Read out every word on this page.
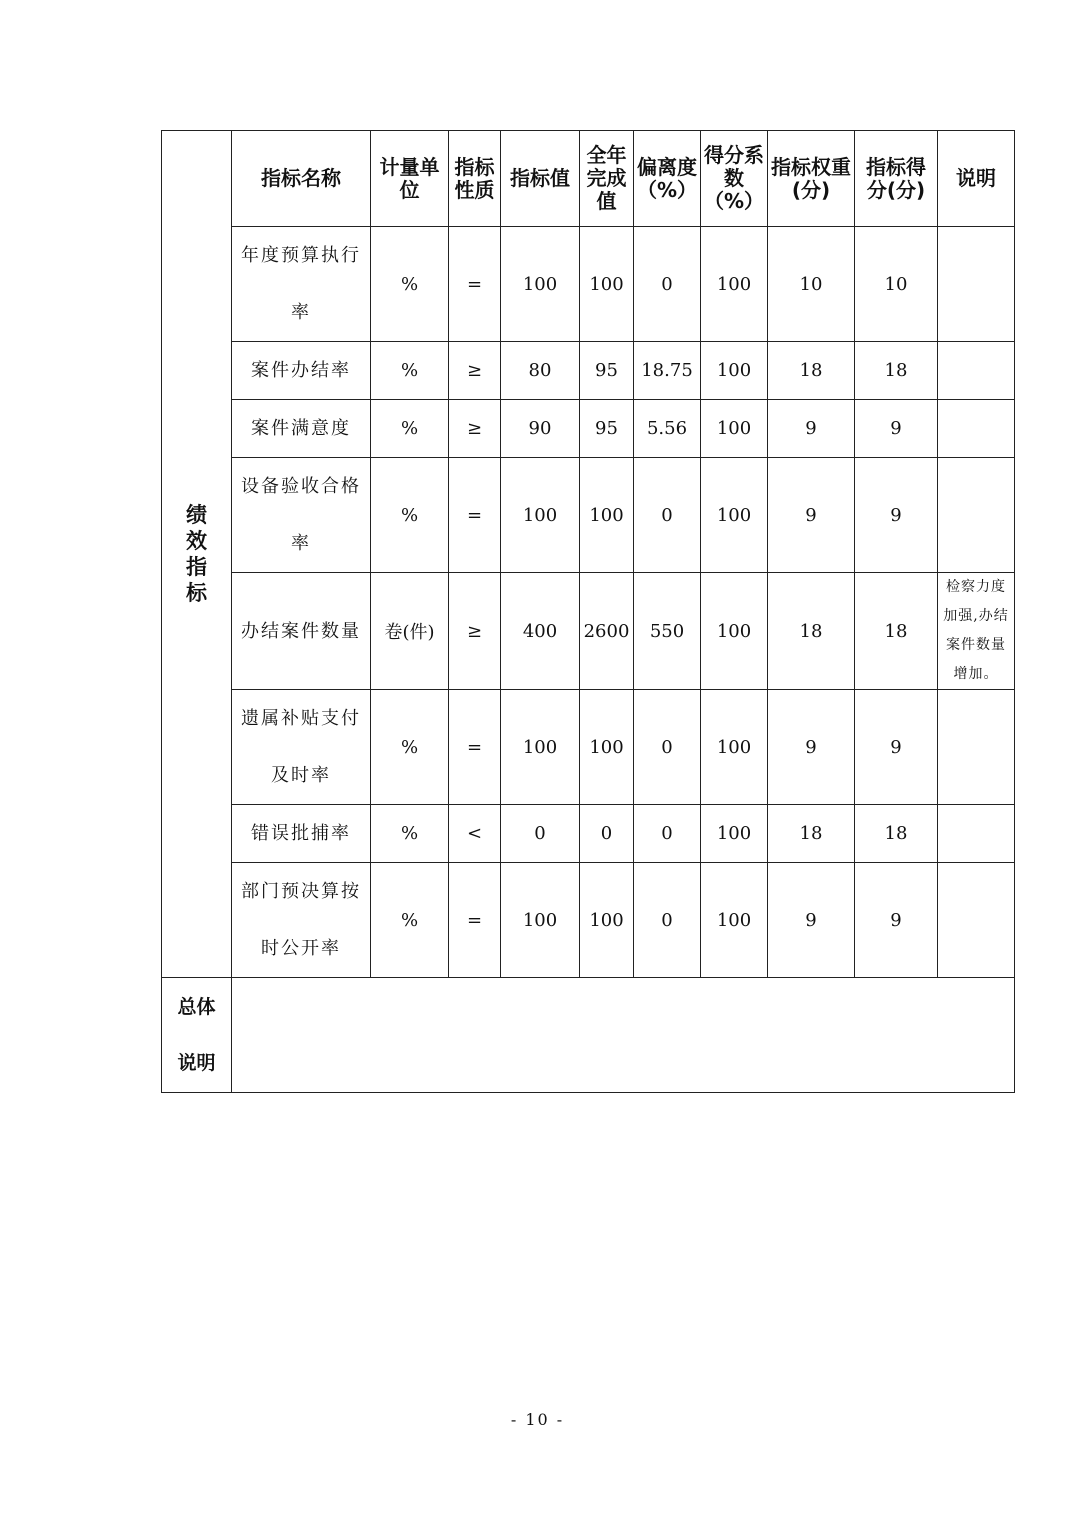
绩效指标	指标名称	计量单位	指标性质	指标值	全年完成值	偏离度（%）	得分系数（%）	指标权重(分)	指标得分(分)	说明

	年度预算执行率	%	=	100	100	0	100	10	10	

	案件办结率	%	≥	80	95	18.75	100	18	18	

	案件满意度	%	≥	90	95	5.56	100	9	9	

	设备验收合格率	%	=	100	100	0	100	9	9	

	办结案件数量	卷(件)	≥	400	2600	550	100	18	18	检察力度加强,办结案件数量增加。

	遗属补贴支付及时率	%	=	100	100	0	100	9	9	

	错误批捕率	%	<	0	0	0	100	18	18	

	部门预决算按时公开率	%	=	100	100	0	100	9	9	

总体
说明										

- 10 -
